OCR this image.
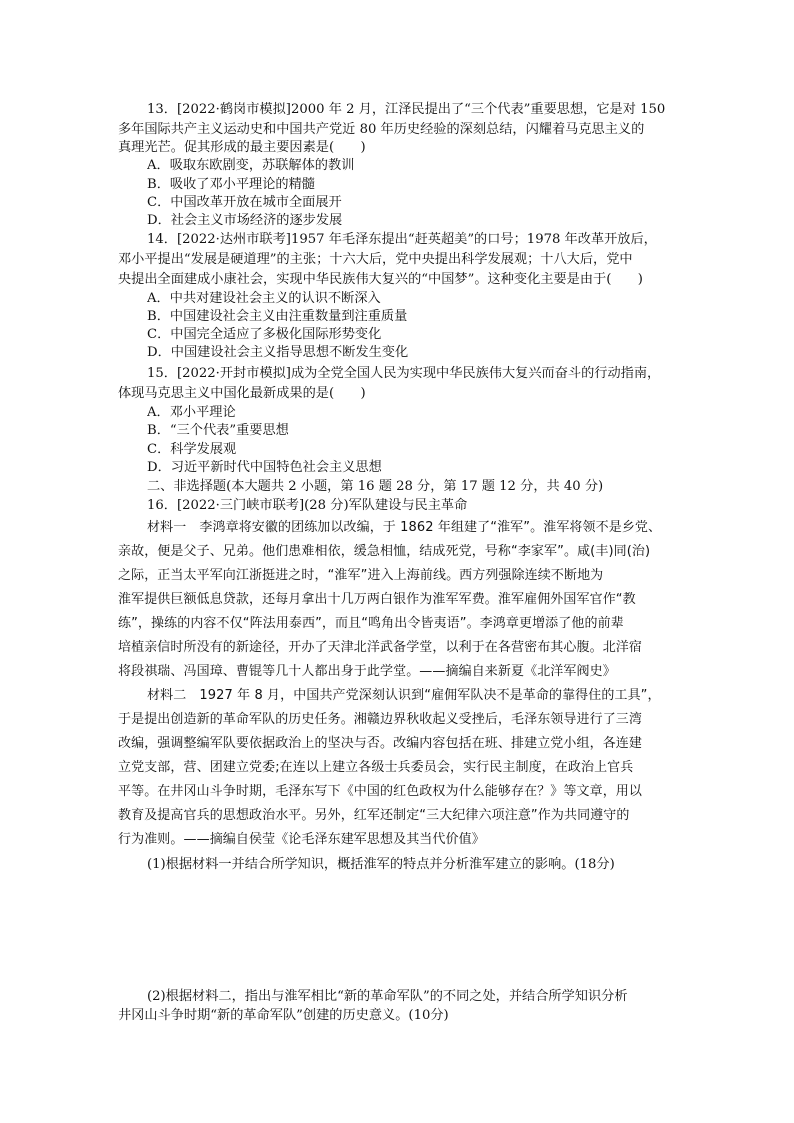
13．[2022·鹤岗市模拟]2000 年 2 月，江泽民提出了“三个代表”重要思想，它是对 150
多年国际共产主义运动史和中国共产党近 80 年历史经验的深刻总结，闪耀着马克思主义的
真理光芒。促其形成的最主要因素是(　　)
A．吸取东欧剧变，苏联解体的教训
B．吸收了邓小平理论的精髓
C．中国改革开放在城市全面展开
D．社会主义市场经济的逐步发展
14．[2022·达州市联考]1957 年毛泽东提出“赶英超美”的口号；1978 年改革开放后，
邓小平提出“发展是硬道理”的主张；十六大后，党中央提出科学发展观；十八大后，党中
央提出全面建成小康社会，实现中华民族伟大复兴的“中国梦”。这种变化主要是由于(　　)
A．中共对建设社会主义的认识不断深入
B．中国建设社会主义由注重数量到注重质量
C．中国完全适应了多极化国际形势变化
D．中国建设社会主义指导思想不断发生变化
15．[2022·开封市模拟]成为全党全国人民为实现中华民族伟大复兴而奋斗的行动指南，
体现马克思主义中国化最新成果的是(　　)
A．邓小平理论
B．“三个代表”重要思想
C．科学发展观
D．习近平新时代中国特色社会主义思想
二、非选择题(本大题共 2 小题，第 16 题 28 分，第 17 题 12 分，共 40 分)
16．[2022·三门峡市联考](28 分)军队建设与民主革命
材料一　李鸿章将安徽的团练加以改编，于 1862 年组建了“淮军”。淮军将领不是乡党、
亲故，便是父子、兄弟。他们患难相依，缓急相恤，结成死党，号称“李家军”。咸(丰)同(治)
之际，正当太平军向江浙挺进之时，“淮军”进入上海前线。西方列强除连续不断地为
淮军提供巨额低息贷款，还每月拿出十几万两白银作为淮军军费。淮军雇佣外国军官作“教
练”，操练的内容不仅“阵法用泰西”，而且“鸣角出令皆夷语”。李鸿章更增添了他的前辈
培植亲信时所没有的新途径，开办了天津北洋武备学堂，以利于在各营密布其心腹。北洋宿
将段祺瑞、冯国璋、曹锟等几十人都出身于此学堂。——摘编自来新夏《北洋军阀史》
材料二　1927 年 8 月，中国共产党深刻认识到“雇佣军队决不是革命的靠得住的工具”，
于是提出创造新的革命军队的历史任务。湘赣边界秋收起义受挫后，毛泽东领导进行了三湾
改编，强调整编军队要依据政治上的坚决与否。改编内容包括在班、排建立党小组，各连建
立党支部，营、团建立党委;在连以上建立各级士兵委员会，实行民主制度，在政治上官兵
平等。在井冈山斗争时期，毛泽东写下《中国的红色政权为什么能够存在？》等文章，用以
教育及提高官兵的思想政治水平。另外，红军还制定“三大纪律六项注意”作为共同遵守的
行为准则。——摘编自侯莹《论毛泽东建军思想及其当代价值》
(1)根据材料一并结合所学知识，概括淮军的特点并分析淮军建立的影响。(18分)
(2)根据材料二，指出与淮军相比“新的革命军队”的不同之处，并结合所学知识分析
井冈山斗争时期“新的革命军队”创建的历史意义。(10分)
